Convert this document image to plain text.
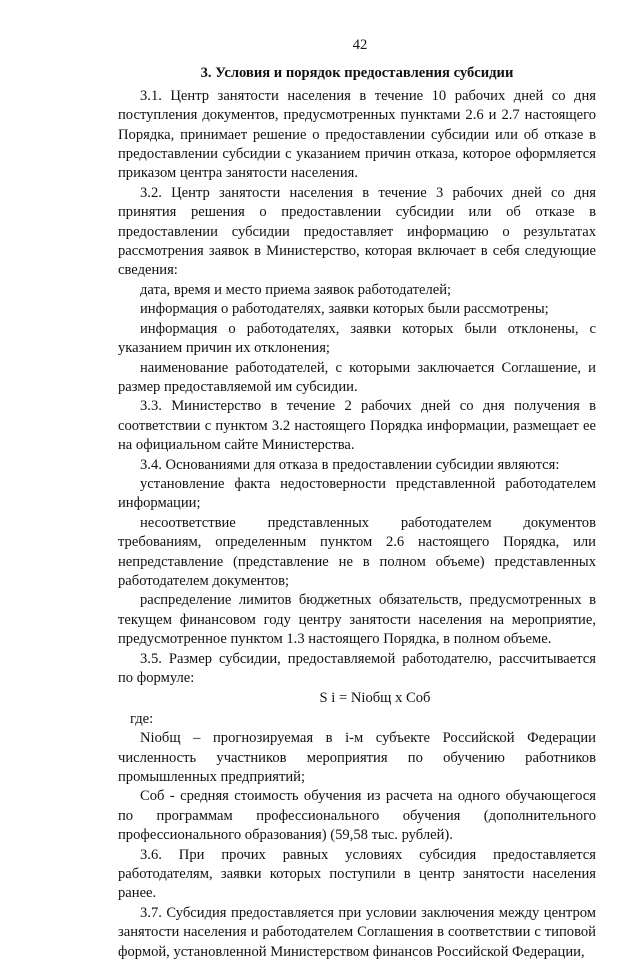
42
3. Условия и порядок предоставления субсидии

3.1. Центр занятости населения в течение 10 рабочих дней со дня поступления документов, предусмотренных пунктами 2.6 и 2.7 настоящего Порядка, принимает решение о предоставлении субсидии или об отказе в предоставлении субсидии с указанием причин отказа, которое оформляется приказом центра занятости населения.

3.2. Центр занятости населения в течение 3 рабочих дней со дня принятия решения о предоставлении субсидии или об отказе в предоставлении субсидии предоставляет информацию о результатах рассмотрения заявок в Министерство, которая включает в себя следующие сведения:

дата, время и место приема заявок работодателей;

информация о работодателях, заявки которых были рассмотрены;

информация о работодателях, заявки которых были отклонены, с указанием причин их отклонения;

наименование работодателей, с которыми заключается Соглашение, и размер предоставляемой им субсидии.

3.3. Министерство в течение 2 рабочих дней со дня получения в соответствии с пунктом 3.2 настоящего Порядка информации, размещает ее на официальном сайте Министерства.

3.4. Основаниями для отказа в предоставлении субсидии являются:

установление факта недостоверности представленной работодателем информации;

несоответствие представленных работодателем документов требованиям, определенным пунктом 2.6 настоящего Порядка, или непредставление (представление не в полном объеме) представленных работодателем документов;

распределение лимитов бюджетных обязательств, предусмотренных в текущем финансовом году центру занятости населения на мероприятие, предусмотренное пунктом 1.3 настоящего Порядка, в полном объеме.

3.5. Размер субсидии, предоставляемой работодателю, рассчитывается по формуле:

S i = Niобщ x Соб

где:

Niобщ – прогнозируемая в i-м субъекте Российской Федерации численность участников мероприятия по обучению работников промышленных предприятий;

Соб - средняя стоимость обучения из расчета на одного обучающегося по программам профессионального обучения (дополнительного профессионального образования) (59,58 тыс. рублей).

3.6. При прочих равных условиях субсидия предоставляется работодателям, заявки которых поступили в центр занятости населения ранее.

3.7. Субсидия предоставляется при условии заключения между центром занятости населения и работодателем Соглашения в соответствии с типовой формой, установленной Министерством финансов Российской Федерации,
